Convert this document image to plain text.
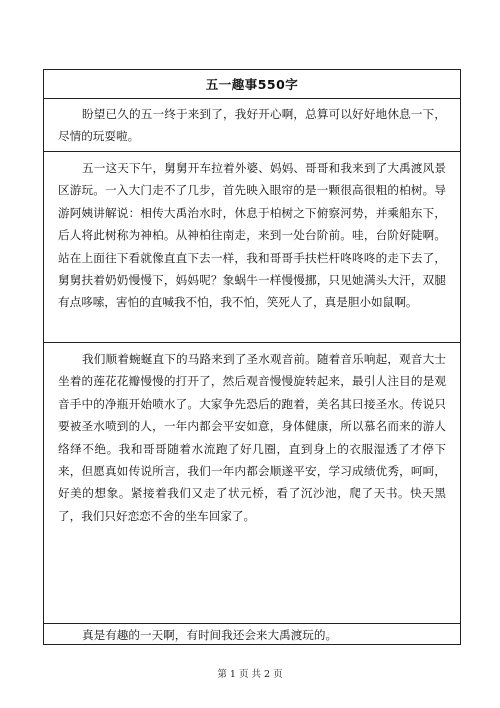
五一趣事550字
盼望已久的五一终于来到了，我好开心啊，总算可以好好地休息一下，尽情的玩耍啦。
五一这天下午，舅舅开车拉着外婆、妈妈、哥哥和我来到了大禹渡风景区游玩。一入大门走不了几步，首先映入眼帘的是一颗很高很粗的柏树。导游阿姨讲解说：相传大禹治水时，休息于柏树之下俯察河势，并乘船东下，后人将此树称为神柏。从神柏往南走，来到一处台阶前。哇，台阶好陡啊。站在上面往下看就像直直下去一样，我和哥哥手扶栏杆咚咚咚的走下去了，舅舅扶着奶奶慢慢下，妈妈呢？象蜗牛一样慢慢挪，只见她满头大汗，双腿有点哆嗦，害怕的直喊我不怕，我不怕，笑死人了，真是胆小如鼠啊。
我们顺着蜿蜒直下的马路来到了圣水观音前。随着音乐响起，观音大士坐着的莲花花瓣慢慢的打开了，然后观音慢慢旋转起来，最引人注目的是观音手中的净瓶开始喷水了。大家争先恐后的跑着，美名其曰接圣水。传说只要被圣水喷到的人，一年内都会平安如意，身体健康，所以慕名而来的游人络绎不绝。我和哥哥随着水流跑了好几圈，直到身上的衣服湿透了才停下来，但愿真如传说所言，我们一年内都会顺遂平安，学习成绩优秀，呵呵，好美的想象。紧接着我们又走了状元桥，看了沉沙池，爬了天书。快天黑了，我们只好恋恋不舍的坐车回家了。
真是有趣的一天啊，有时间我还会来大禹渡玩的。
第 1 页 共 2 页
